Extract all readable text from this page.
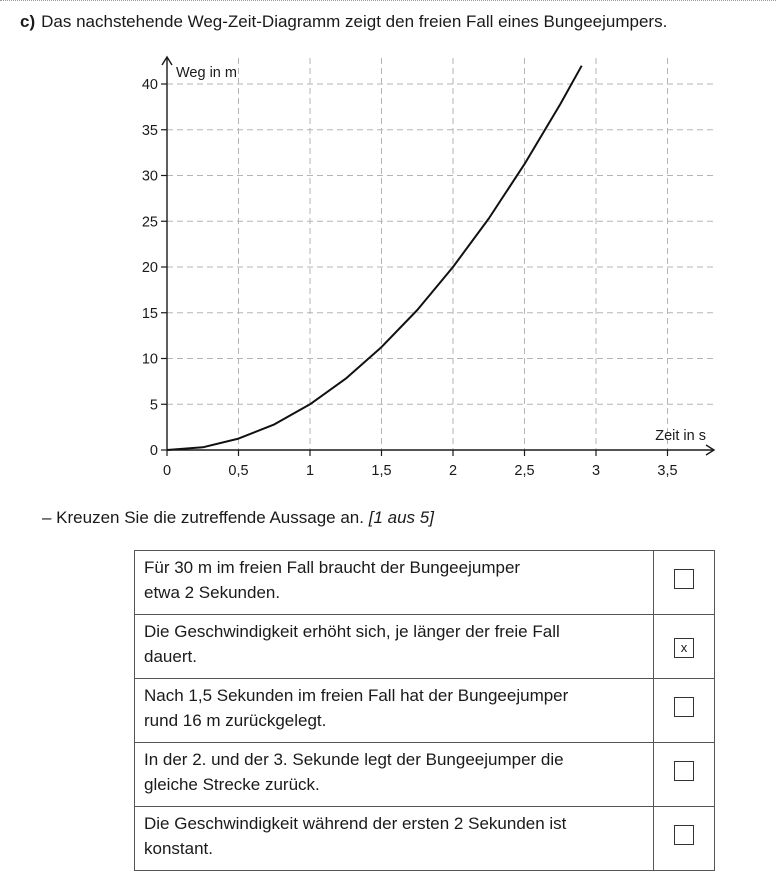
c) Das nachstehende Weg-Zeit-Diagramm zeigt den freien Fall eines Bungeejumpers.
0
5
10
15
20
25
30
35
40
0	0,5	1	1,5	2	2,5	3	3,5
Weg in m
Zeit in s
– Kreuzen Sie die zutreffende Aussage an. [1 aus 5]
Für 30 m im freien Fall braucht der Bungeejumper
etwa 2 Sekunden.	

Die Geschwindigkeit erhöht sich, je länger der freie Fall
dauert.	x

Nach 1,5 Sekunden im freien Fall hat der Bungeejumper
rund 16 m zurückgelegt.	

In der 2. und der 3. Sekunde legt der Bungeejumper die
gleiche Strecke zurück.	

Die Geschwindigkeit während der ersten 2 Sekunden ist
konstant.	
